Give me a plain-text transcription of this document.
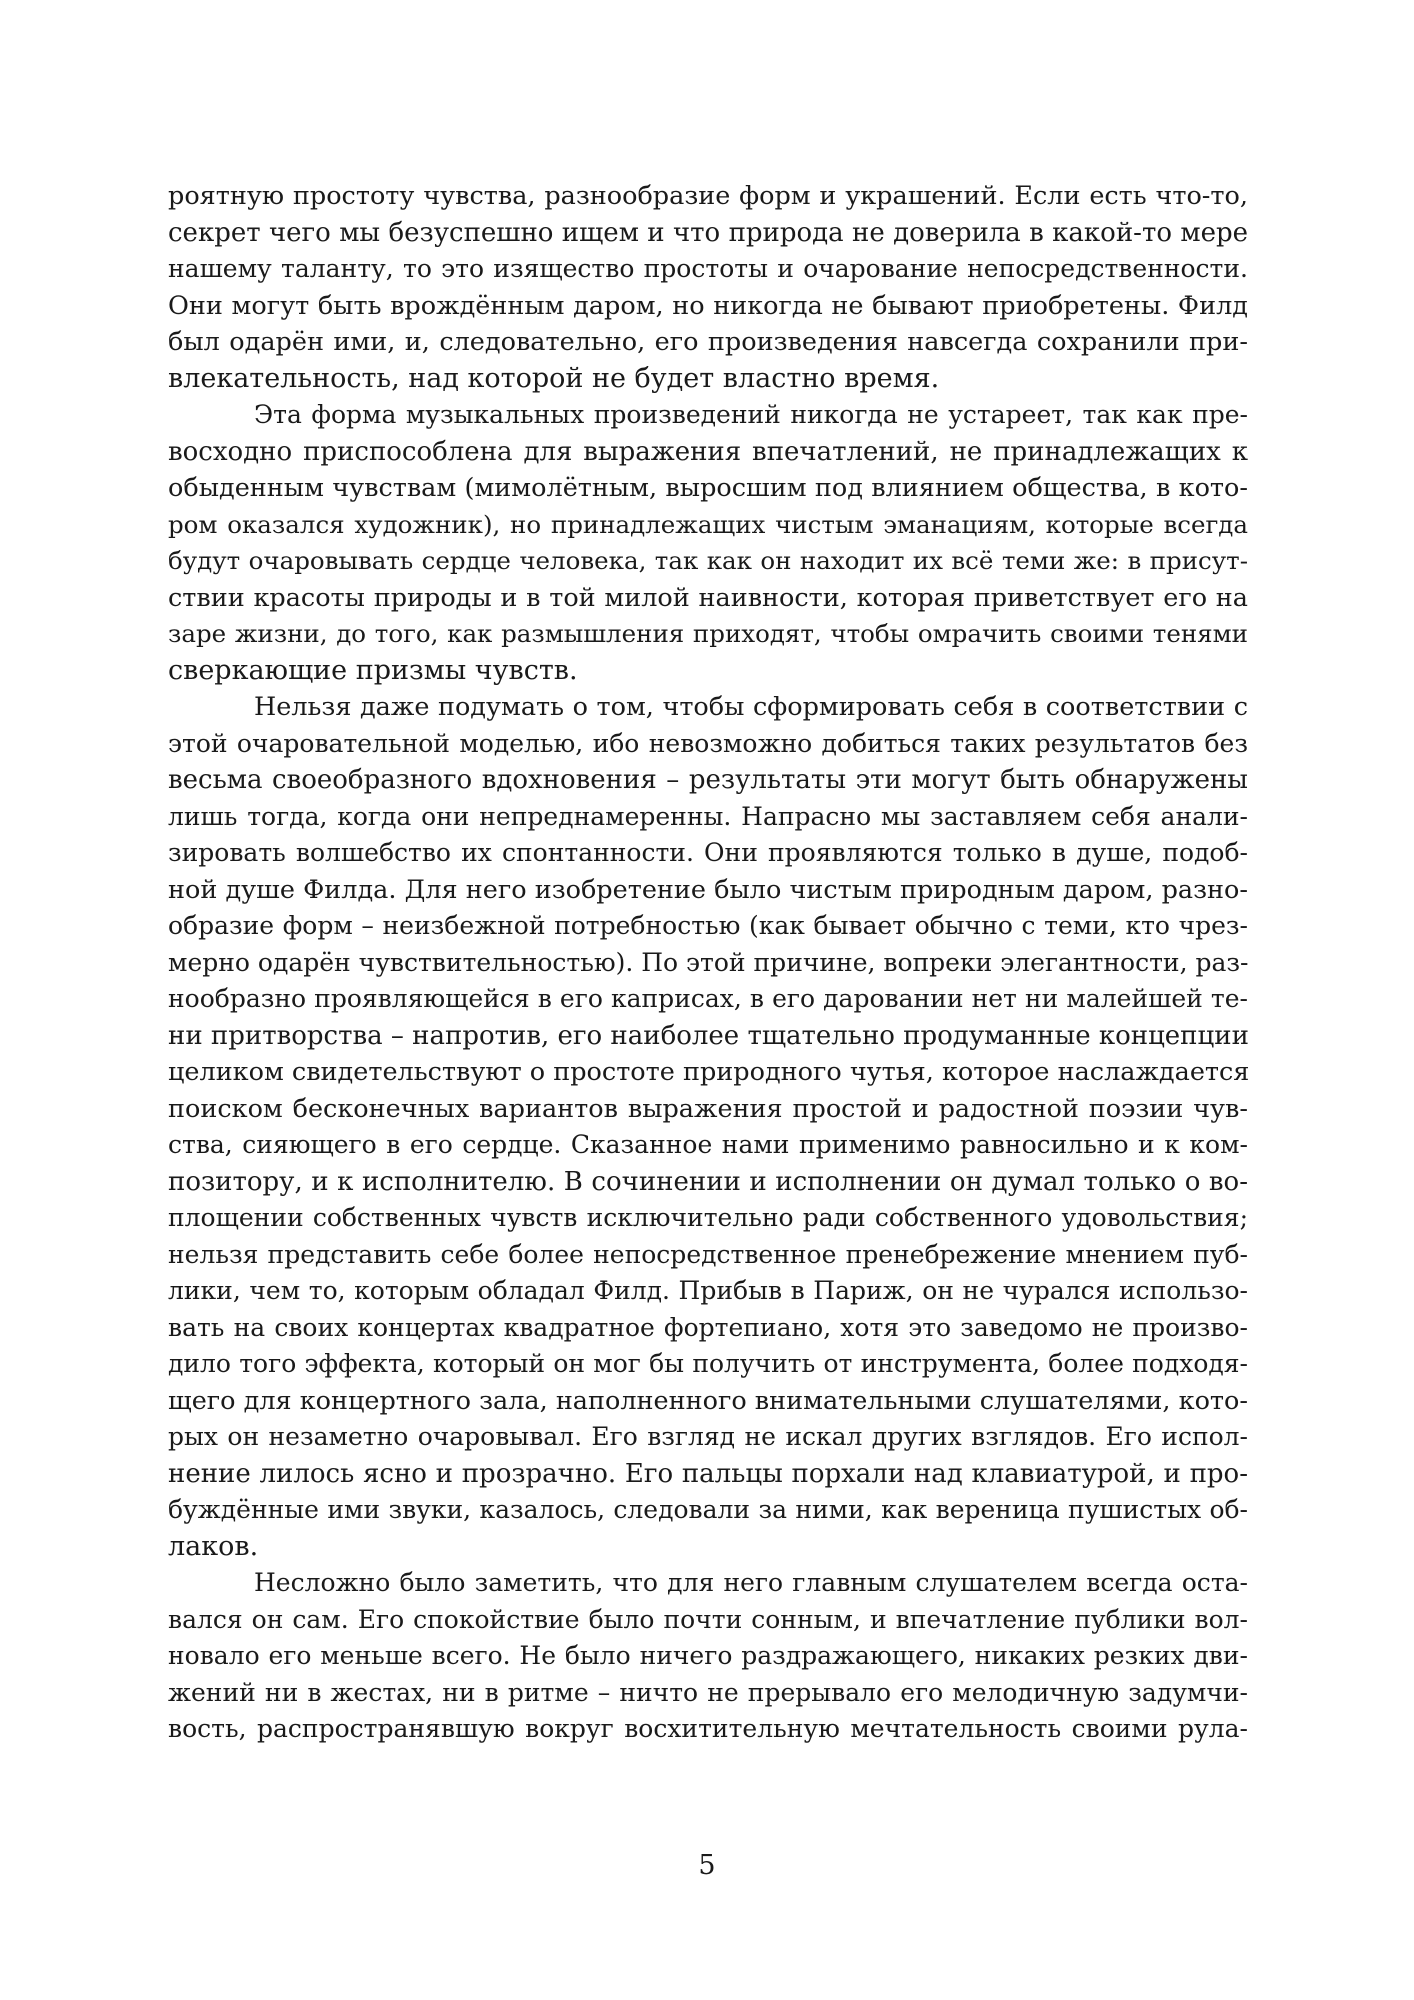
роятную простоту чувства, разнообразие форм и украшений. Если есть что-то,
секрет чего мы безуспешно ищем и что природа не доверила в какой-то мере
нашему таланту, то это изящество простоты и очарование непосредственности.
Они могут быть врождённым даром, но никогда не бывают приобретены. Филд
был одарён ими, и, следовательно, его произведения навсегда сохранили при-
влекательность, над которой не будет властно время.
Эта форма музыкальных произведений никогда не устареет, так как пре-
восходно приспособлена для выражения впечатлений, не принадлежащих к
обыденным чувствам (мимолётным, выросшим под влиянием общества, в кото-
ром оказался художник), но принадлежащих чистым эманациям, которые всегда
будут очаровывать сердце человека, так как он находит их всё теми же: в присут-
ствии красоты природы и в той милой наивности, которая приветствует его на
заре жизни, до того, как размышления приходят, чтобы омрачить своими тенями
сверкающие призмы чувств.
Нельзя даже подумать о том, чтобы сформировать себя в соответствии с
этой очаровательной моделью, ибо невозможно добиться таких результатов без
весьма своеобразного вдохновения – результаты эти могут быть обнаружены
лишь тогда, когда они непреднамеренны. Напрасно мы заставляем себя анали-
зировать волшебство их спонтанности. Они проявляются только в душе, подоб-
ной душе Филда. Для него изобретение было чистым природным даром, разно-
образие форм – неизбежной потребностью (как бывает обычно с теми, кто чрез-
мерно одарён чувствительностью). По этой причине, вопреки элегантности, раз-
нообразно проявляющейся в его каприсах, в его даровании нет ни малейшей те-
ни притворства – напротив, его наиболее тщательно продуманные концепции
целиком свидетельствуют о простоте природного чутья, которое наслаждается
поиском бесконечных вариантов выражения простой и радостной поэзии чув-
ства, сияющего в его сердце. Сказанное нами применимо равносильно и к ком-
позитору, и к исполнителю. В сочинении и исполнении он думал только о во-
площении собственных чувств исключительно ради собственного удовольствия;
нельзя представить себе более непосредственное пренебрежение мнением пуб-
лики, чем то, которым обладал Филд. Прибыв в Париж, он не чурался использо-
вать на своих концертах квадратное фортепиано, хотя это заведомо не произво-
дило того эффекта, который он мог бы получить от инструмента, более подходя-
щего для концертного зала, наполненного внимательными слушателями, кото-
рых он незаметно очаровывал. Его взгляд не искал других взглядов. Его испол-
нение лилось ясно и прозрачно. Его пальцы порхали над клавиатурой, и про-
буждённые ими звуки, казалось, следовали за ними, как вереница пушистых об-
лаков.
Несложно было заметить, что для него главным слушателем всегда оста-
вался он сам. Его спокойствие было почти сонным, и впечатление публики вол-
новало его меньше всего. Не было ничего раздражающего, никаких резких дви-
жений ни в жестах, ни в ритме – ничто не прерывало его мелодичную задумчи-
вость, распространявшую вокруг восхитительную мечтательность своими рула-
5
